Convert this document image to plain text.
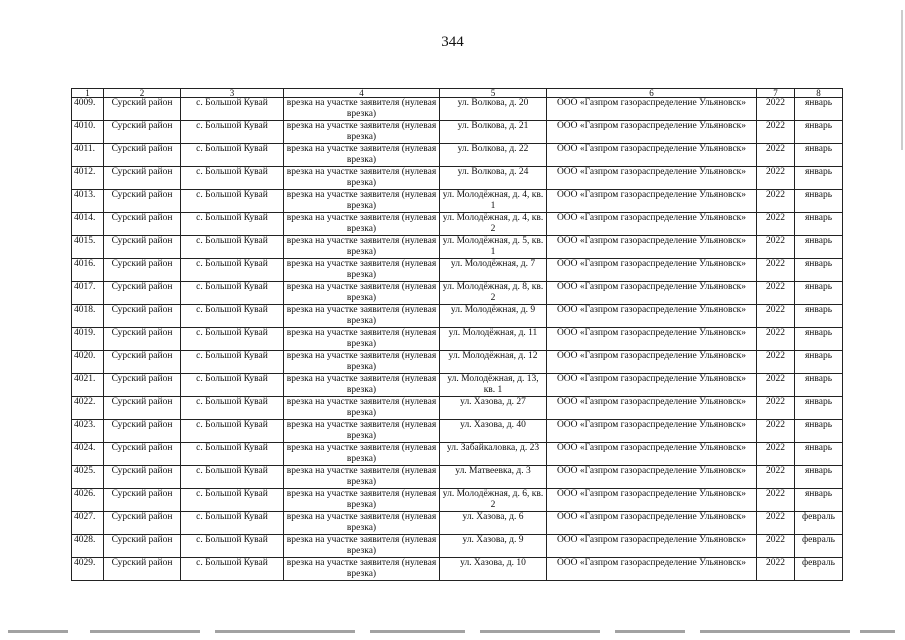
344
1	2	3	4	5	6	7	8
4009.	Сурский район	с. Большой Кувай	врезка на участке заявителя (нулевая врезка)	ул. Волкова, д. 20	ООО «Газпром газораспределение Ульяновск»	2022	январь
4010.	Сурский район	с. Большой Кувай	врезка на участке заявителя (нулевая врезка)	ул. Волкова, д. 21	ООО «Газпром газораспределение Ульяновск»	2022	январь
4011.	Сурский район	с. Большой Кувай	врезка на участке заявителя (нулевая врезка)	ул. Волкова, д. 22	ООО «Газпром газораспределение Ульяновск»	2022	январь
4012.	Сурский район	с. Большой Кувай	врезка на участке заявителя (нулевая врезка)	ул. Волкова, д. 24	ООО «Газпром газораспределение Ульяновск»	2022	январь
4013.	Сурский район	с. Большой Кувай	врезка на участке заявителя (нулевая врезка)	ул. Молодёжная, д. 4, кв. 1	ООО «Газпром газораспределение Ульяновск»	2022	январь
4014.	Сурский район	с. Большой Кувай	врезка на участке заявителя (нулевая врезка)	ул. Молодёжная, д. 4, кв. 2	ООО «Газпром газораспределение Ульяновск»	2022	январь
4015.	Сурский район	с. Большой Кувай	врезка на участке заявителя (нулевая врезка)	ул. Молодёжная, д. 5, кв. 1	ООО «Газпром газораспределение Ульяновск»	2022	январь
4016.	Сурский район	с. Большой Кувай	врезка на участке заявителя (нулевая врезка)	ул. Молодёжная, д. 7	ООО «Газпром газораспределение Ульяновск»	2022	январь
4017.	Сурский район	с. Большой Кувай	врезка на участке заявителя (нулевая врезка)	ул. Молодёжная, д. 8, кв. 2	ООО «Газпром газораспределение Ульяновск»	2022	январь
4018.	Сурский район	с. Большой Кувай	врезка на участке заявителя (нулевая врезка)	ул. Молодёжная, д. 9	ООО «Газпром газораспределение Ульяновск»	2022	январь
4019.	Сурский район	с. Большой Кувай	врезка на участке заявителя (нулевая врезка)	ул. Молодёжная, д. 11	ООО «Газпром газораспределение Ульяновск»	2022	январь
4020.	Сурский район	с. Большой Кувай	врезка на участке заявителя (нулевая врезка)	ул. Молодёжная, д. 12	ООО «Газпром газораспределение Ульяновск»	2022	январь
4021.	Сурский район	с. Большой Кувай	врезка на участке заявителя (нулевая врезка)	ул. Молодёжная, д. 13, кв. 1	ООО «Газпром газораспределение Ульяновск»	2022	январь
4022.	Сурский район	с. Большой Кувай	врезка на участке заявителя (нулевая врезка)	ул. Хазова, д. 27	ООО «Газпром газораспределение Ульяновск»	2022	январь
4023.	Сурский район	с. Большой Кувай	врезка на участке заявителя (нулевая врезка)	ул. Хазова, д. 40	ООО «Газпром газораспределение Ульяновск»	2022	январь
4024.	Сурский район	с. Большой Кувай	врезка на участке заявителя (нулевая врезка)	ул. Забайкаловка, д. 23	ООО «Газпром газораспределение Ульяновск»	2022	январь
4025.	Сурский район	с. Большой Кувай	врезка на участке заявителя (нулевая врезка)	ул. Матвеевка, д. 3	ООО «Газпром газораспределение Ульяновск»	2022	январь
4026.	Сурский район	с. Большой Кувай	врезка на участке заявителя (нулевая врезка)	ул. Молодёжная, д. 6, кв. 2	ООО «Газпром газораспределение Ульяновск»	2022	январь
4027.	Сурский район	с. Большой Кувай	врезка на участке заявителя (нулевая врезка)	ул. Хазова, д. 6	ООО «Газпром газораспределение Ульяновск»	2022	февраль
4028.	Сурский район	с. Большой Кувай	врезка на участке заявителя (нулевая врезка)	ул. Хазова, д. 9	ООО «Газпром газораспределение Ульяновск»	2022	февраль
4029.	Сурский район	с. Большой Кувай	врезка на участке заявителя (нулевая врезка)	ул. Хазова, д. 10	ООО «Газпром газораспределение Ульяновск»	2022	февраль
